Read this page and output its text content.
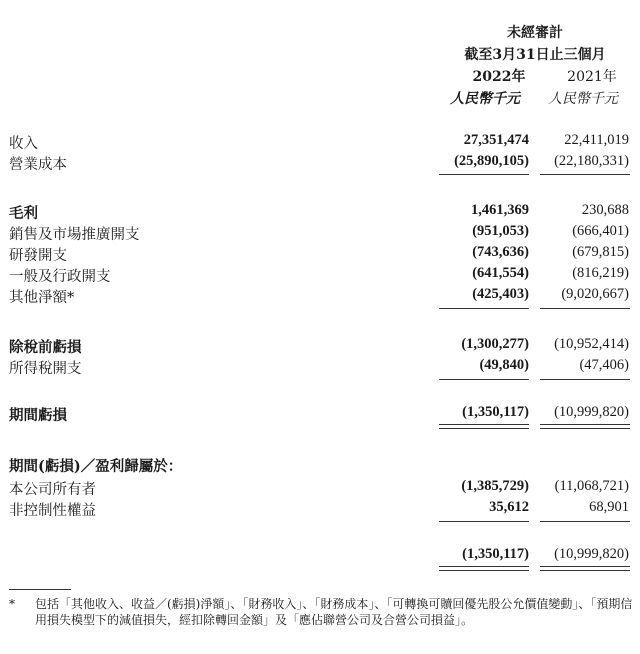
未經審計
截至3月31日止三個月
2022年	2021年
人民幣千元	人民幣千元
收入	27,351,474 22,411,019
營業成本	(25,890,105) (22,180,331)
毛利	1,461,369	230,688
銷售及市場推廣開支	(951,053)	(666,401)
研發開支	(743,636)	(679,815)
一般及行政開支	(641,554)	(816,219)
其他淨額*	(425,403) (9,020,667)
除稅前虧損	(1,300,277) (10,952,414)
所得稅開支	(49,840)	(47,406)
期間虧損	(1,350,117) (10,999,820)
期間(虧損)／盈利歸屬於：
本公司所有者	(1,385,729) (11,068,721)
非控制性權益	35,612	68,901
(1,350,117) (10,999,820)
* 包括「其他收入、收益／(虧損)淨額」、「財務收入」、「財務成本」、「可轉換可贖回優先股公允價值變動」、「預期信用損失模型下的減值損失，經扣除轉回金額」及「應佔聯營公司及合營公司損益」。
